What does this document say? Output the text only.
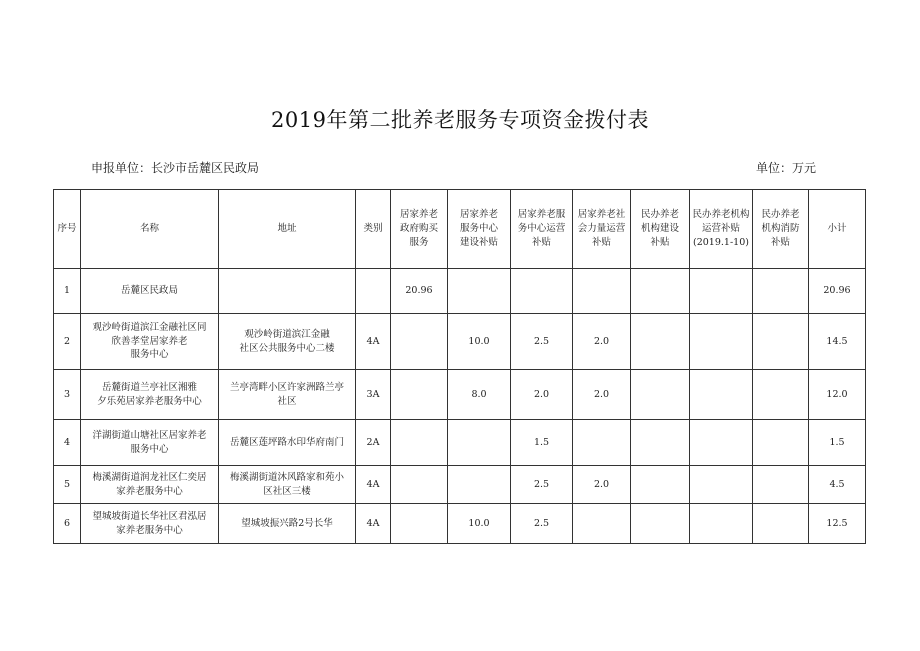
2019年第二批养老服务专项资金拨付表
申报单位：长沙市岳麓区民政局	单位：万元
序号	名称	地址	类别	居家养老
政府购买
服务	居家养老
服务中心
建设补贴	居家养老服
务中心运营
补贴	居家养老社
会力量运营
补贴	民办养老
机构建设
补贴	民办养老机构
运营补贴
(2019.1-10)	民办养老
机构消防
补贴	小计

1	岳麓区民政局			20.96							20.96
2	观沙岭街道滨江金融社区同
欣善孝堂居家养老
服务中心	观沙岭街道滨江金融
社区公共服务中心二楼	4A		10.0	2.5	2.0				14.5
3	岳麓街道兰亭社区湘雅
夕乐苑居家养老服务中心	兰亭湾畔小区许家洲路兰亭
社区	3A		8.0	2.0	2.0				12.0
4	洋湖街道山塘社区居家养老
服务中心	岳麓区莲坪路水印华府南门	2A			1.5					1.5
5	梅溪湖街道润龙社区仁奕居
家养老服务中心	梅溪湖街道沐风路家和苑小
区社区三楼	4A			2.5	2.0				4.5
6	望城坡街道长华社区君泓居
家养老服务中心	望城坡振兴路2号长华	4A		10.0	2.5					12.5
